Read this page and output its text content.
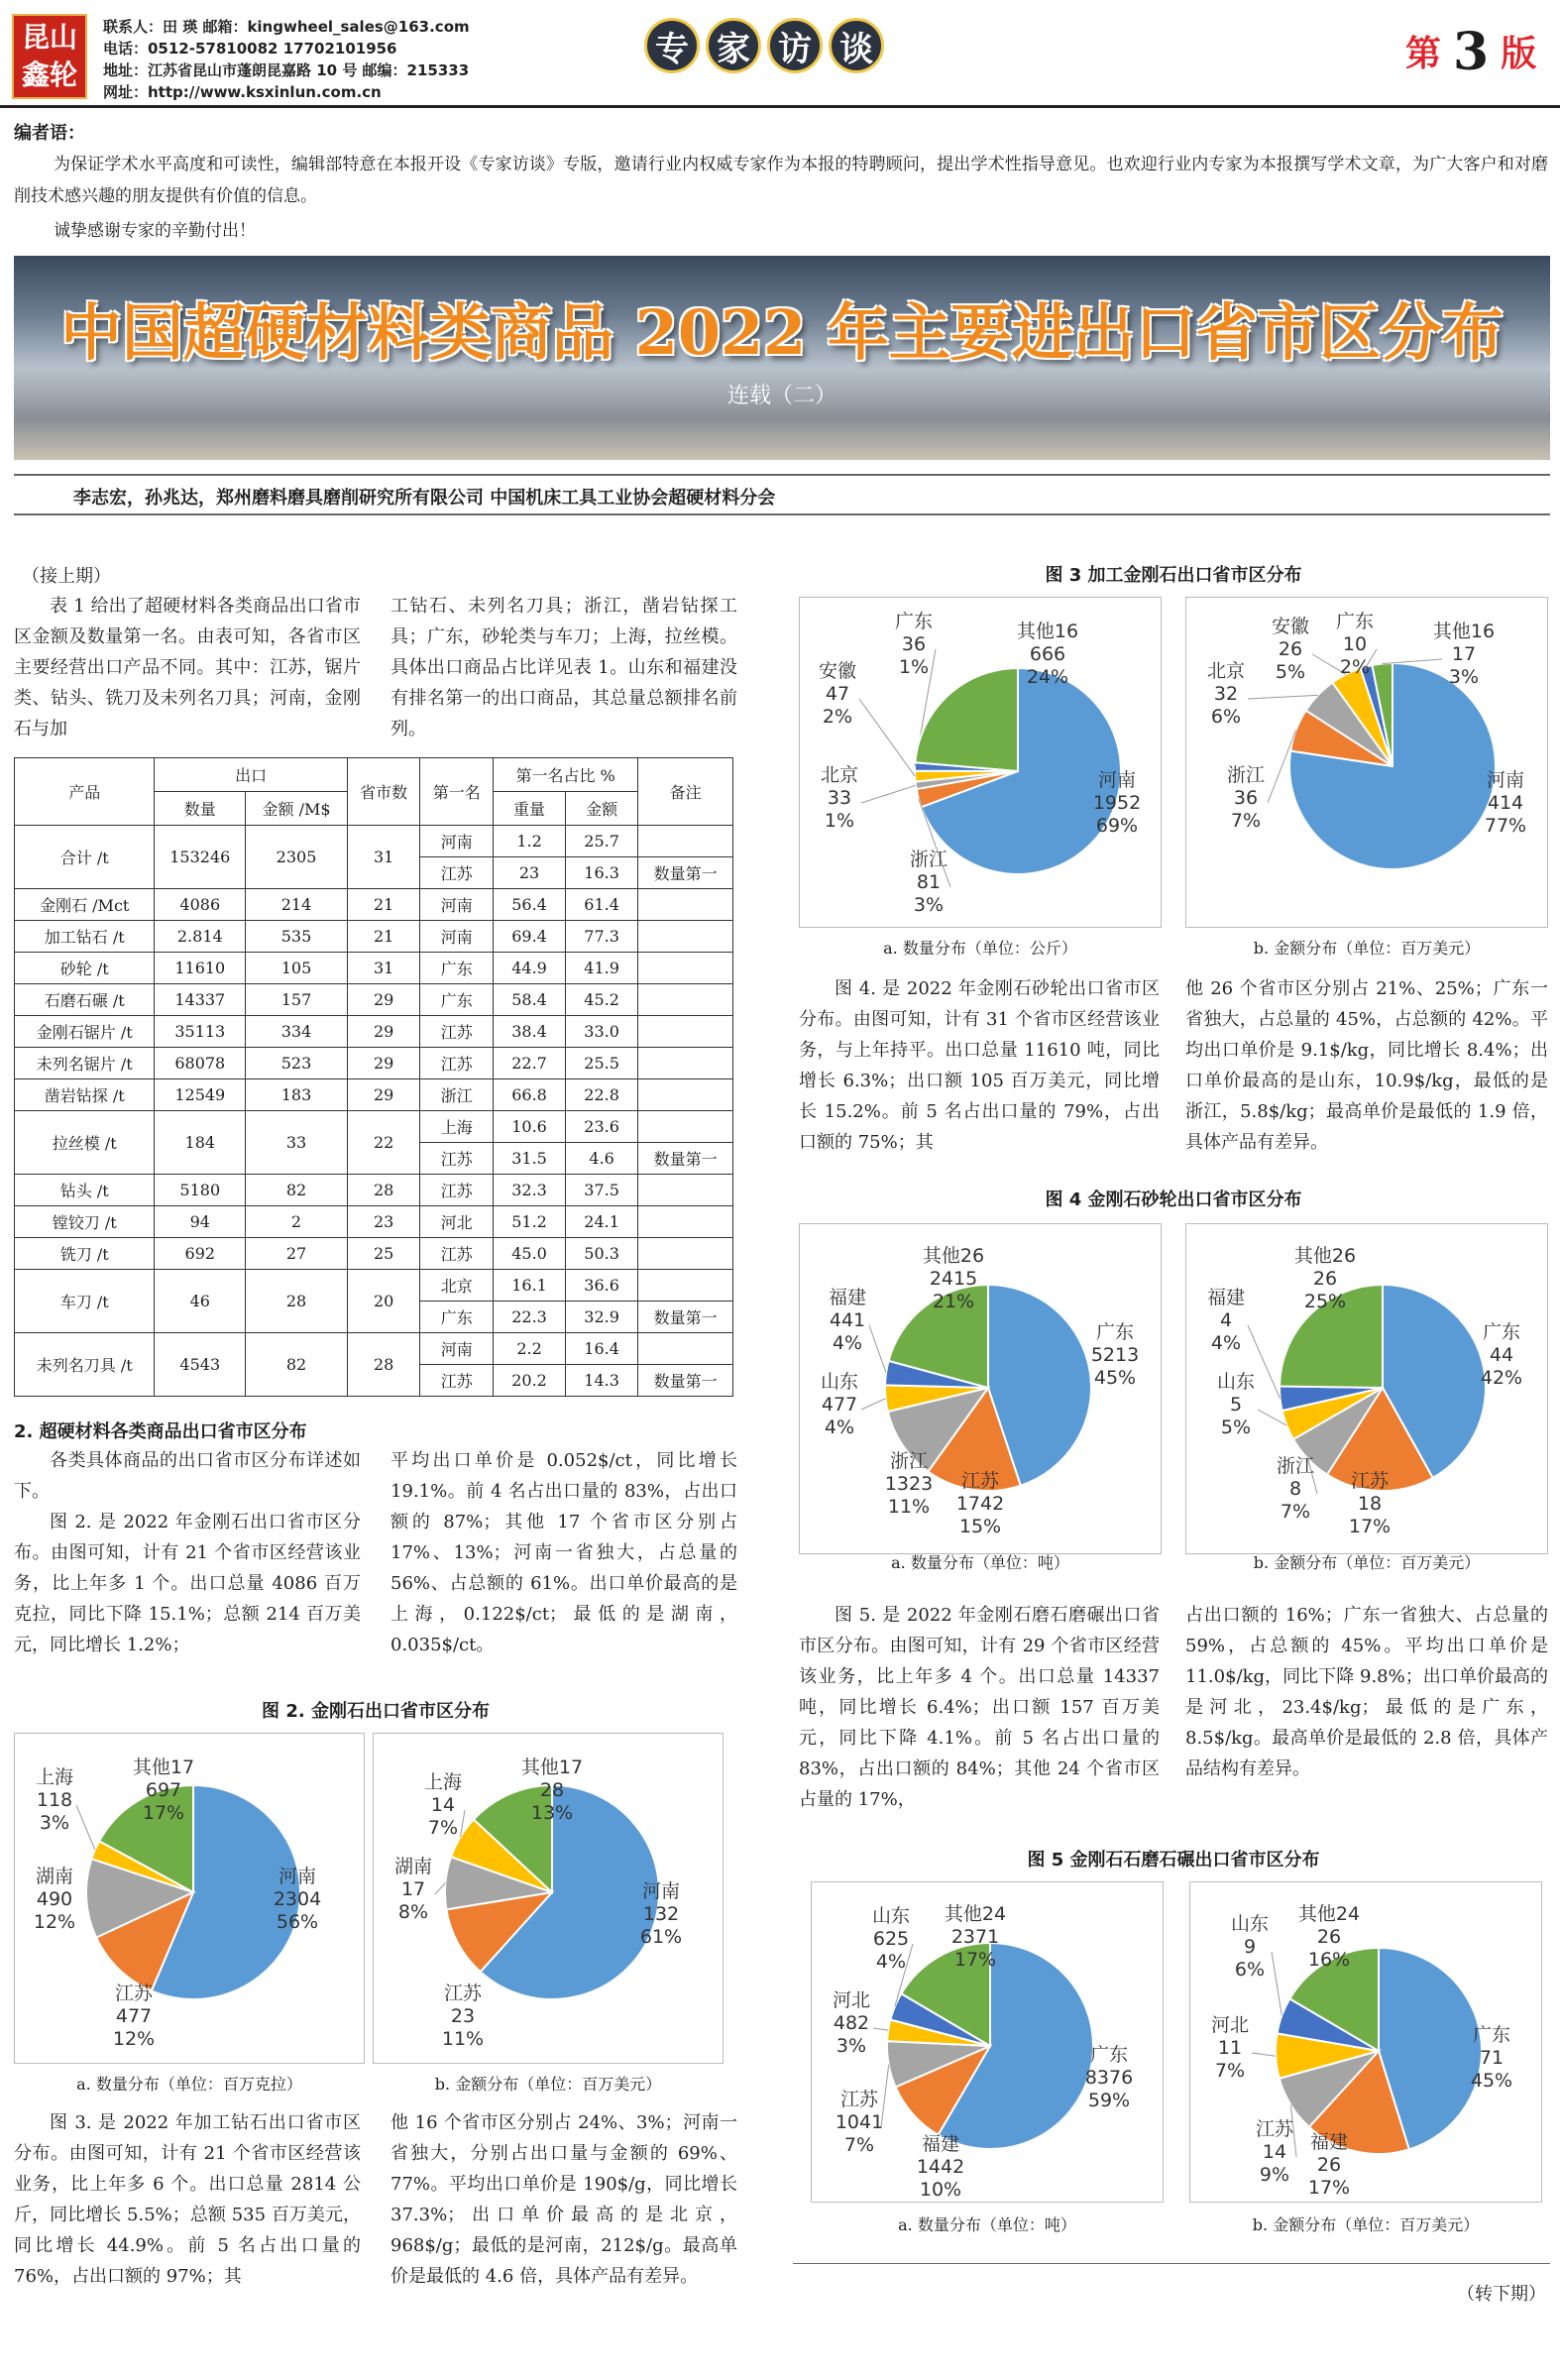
昆山
鑫轮
联系人：田 瑛 邮箱：kingwheel_sales@163.com
电话：0512-57810082 17702101956
地址：江苏省昆山市蓬朗昆嘉路 10 号 邮编：215333
网址：http://www.ksxinlun.com.cn
专 家 访 谈	第 3 版
编者语：
为保证学术水平高度和可读性，编辑部特意在本报开设《专家访谈》专版，邀请行业内权威专家作为本报的特聘顾问，提出学术性指导意见。也欢迎行业内专家为本报撰写学术文章，为广大客户和对磨削技术感兴趣的朋友提供有价值的信息。
诚挚感谢专家的辛勤付出！
中国超硬材料类商品 2022 年主要进出口省市区分布
连载（二）
李志宏，孙兆达，郑州磨料磨具磨削研究所有限公司 中国机床工具工业协会超硬材料分会
（接上期）

表 1 给出了超硬材料各类商品出口省市区金额及数量第一名。由表可知，各省市区主要经营出口产品不同。其中：江苏，锯片类、钻头、铣刀及未列名刀具；河南，金刚石与加

工钻石、未列名刀具；浙江，凿岩钻探工具；广东，砂轮类与车刀；上海，拉丝模。具体出口商品占比详见表 1。山东和福建没有排名第一的出口商品，其总量总额排名前列。

产品	出口		省市数	第一名	第一名占比 %		备注
	数量	金额 /M$			重量	金额	
合计 /t	153246	2305	31	河南	1.2	25.7	
				江苏	23	16.3	数量第一
金刚石 /Mct	4086	214	21	河南	56.4	61.4	
加工钻石 /t	2.814	535	21	河南	69.4	77.3	
砂轮 /t	11610	105	31	广东	44.9	41.9	
石磨石碾 /t	14337	157	29	广东	58.4	45.2	
金刚石锯片 /t	35113	334	29	江苏	38.4	33.0	
未列名锯片 /t	68078	523	29	江苏	22.7	25.5	
凿岩钻探 /t	12549	183	29	浙江	66.8	22.8	
拉丝模 /t	184	33	22	上海	10.6	23.6	
				江苏	31.5	4.6	数量第一
钻头 /t	5180	82	28	江苏	32.3	37.5	
镗铰刀 /t	94	2	23	河北	51.2	24.1	
铣刀 /t	692	27	25	江苏	45.0	50.3	
车刀 /t	46	28	20	北京	16.1	36.6	
				广东	22.3	32.9	数量第一
未列名刀具 /t	4543	82	28	河南	2.2	16.4	
				江苏	20.2	14.3	数量第一
2. 超硬材料各类商品出口省市区分布

各类具体商品的出口省市区分布详述如下。

图 2. 是 2022 年金刚石出口省市区分布。由图可知，计有 21 个省市区经营该业务，比上年多 1 个。出口总量 4086 百万克拉，同比下降 15.1%；总额 214 百万美元，同比增长 1.2%；

平均出口单价是 0.052$/ct，同比增长 19.1%。前 4 名占出口量的 83%，占出口额的 87%；其他 17 个省市区分别占 17%、13%；河南一省独大，占总量的 56%、占总额的 61%。出口单价最高的是上海，0.122$/ct；最低的是湖南，0.035$/ct。

图 2. 金刚石出口省市区分布
河南 2304 56%
江苏 477 12%
湖南 490 12%
上海 118 3%
其他17 697 17%
河南 132 61%
江苏 23 11%
湖南 17 8%
上海 14 7%
其他17 28 13%
a. 数量分布（单位：百万克拉）	b. 金额分布（单位：百万美元）

图 3. 是 2022 年加工钻石出口省市区分布。由图可知，计有 21 个省市区经营该业务，比上年多 6 个。出口总量 2814 公斤，同比增长 5.5%；总额 535 百万美元，同比增长 44.9%。前 5 名占出口量的 76%，占出口额的 97%；其

他 16 个省市区分别占 24%、3%；河南一省独大，分别占出口量与金额的 69%、77%。平均出口单价是 190$/g，同比增长 37.3%；出口单价最高的是北京，968$/g；最低的是河南，212$/g。最高单价是最低的 4.6 倍，具体产品有差异。

图 3 加工金刚石出口省市区分布
河南 1952 69%
浙江 81 3%
北京 33 1%
安徽 47 2%
广东 36 1%
其他16 666 24%
河南 414 77%
浙江 36 7%
北京 32 6%
安徽 26 5%
广东 10 2%
其他16 17 3%
a. 数量分布（单位：公斤）	b. 金额分布（单位：百万美元）

图 4. 是 2022 年金刚石砂轮出口省市区分布。由图可知，计有 31 个省市区经营该业务，与上年持平。出口总量 11610 吨，同比增长 6.3%；出口额 105 百万美元，同比增长 15.2%。前 5 名占出口量的 79%，占出口额的 75%；其

他 26 个省市区分别占 21%、25%；广东一省独大，占总量的 45%，占总额的 42%。平均出口单价是 9.1$/kg，同比增长 8.4%；出口单价最高的是山东，10.9$/kg，最低的是浙江，5.8$/kg；最高单价是最低的 1.9 倍，具体产品有差异。

图 4 金刚石砂轮出口省市区分布
广东 5213 45%
江苏 1742 15%
浙江 1323 11%
山东 477 4%
福建 441 4%
其他26 2415 21%
广东 44 42%
江苏 18 17%
浙江 8 7%
山东 5 5%
福建 4 4%
其他26 26 25%
a. 数量分布（单位：吨）	b. 金额分布（单位：百万美元）

图 5. 是 2022 年金刚石磨石磨碾出口省市区分布。由图可知，计有 29 个省市区经营该业务，比上年多 4 个。出口总量 14337 吨，同比增长 6.4%；出口额 157 百万美元，同比下降 4.1%。前 5 名占出口量的 83%，占出口额的 84%；其他 24 个省市区占量的 17%，

占出口额的 16%；广东一省独大、占总量的 59%，占总额的 45%。平均出口单价是 11.0$/kg，同比下降 9.8%；出口单价最高的是河北，23.4$/kg；最低的是广东，8.5$/kg。最高单价是最低的 2.8 倍，具体产品结构有差异。

图 5 金刚石石磨石碾出口省市区分布
广东 8376 59%
福建 1442 10%
江苏 1041 7%
河北 482 3%
山东 625 4%
其他24 2371 17%
广东 71 45%
福建 26 17%
江苏 14 9%
河北 11 7%
山东 9 6%
其他24 26 16%
a. 数量分布（单位：吨）	b. 金额分布（单位：百万美元）
（转下期）
